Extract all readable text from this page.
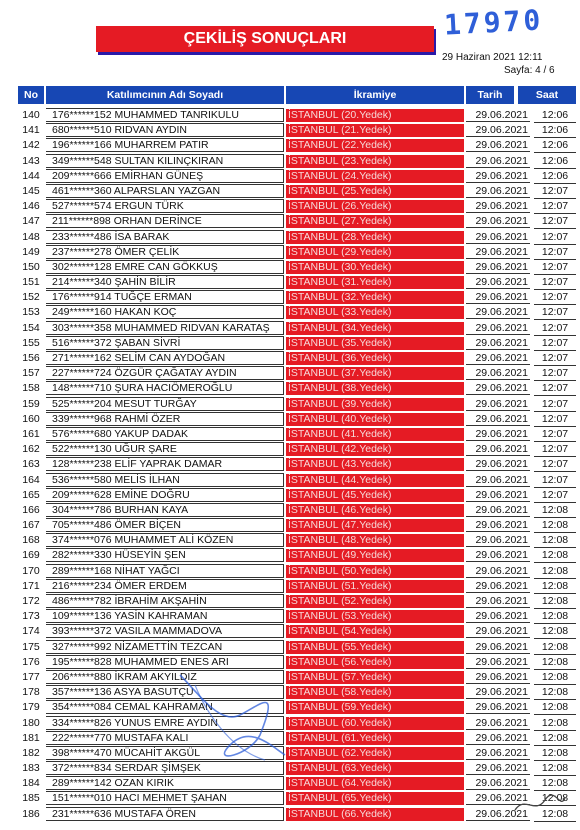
17970
ÇEKİLİŞ SONUÇLARI
29 Haziran 2021 12:11
Sayfa: 4 / 6
No	Katılımcının Adı Soyadı	İkramiye	Tarih	Saat
140	176******152 MUHAMMED TANRIKULU	İSTANBUL (20.Yedek)	29.06.2021	12:06
141	680******510 RIDVAN AYDIN	İSTANBUL (21.Yedek)	29.06.2021	12:06
142	196******166 MUHARREM PATIR	İSTANBUL (22.Yedek)	29.06.2021	12:06
143	349******548 SULTAN KILINÇKIRAN	İSTANBUL (23.Yedek)	29.06.2021	12:06
144	209******666 EMİRHAN GÜNEŞ	İSTANBUL (24.Yedek)	29.06.2021	12:06
145	461******360 ALPARSLAN YAZGAN	İSTANBUL (25.Yedek)	29.06.2021	12:07
146	527******574 ERGUN TÜRK	İSTANBUL (26.Yedek)	29.06.2021	12:07
147	211******898 ORHAN DERİNCE	İSTANBUL (27.Yedek)	29.06.2021	12:07
148	233******486 İSA BARAK	İSTANBUL (28.Yedek)	29.06.2021	12:07
149	237******278 ÖMER ÇELİK	İSTANBUL (29.Yedek)	29.06.2021	12:07
150	302******128 EMRE CAN GÖKKUŞ	İSTANBUL (30.Yedek)	29.06.2021	12:07
151	214******340 ŞAHİN BİLİR	İSTANBUL (31.Yedek)	29.06.2021	12:07
152	176******914 TUĞÇE ERMAN	İSTANBUL (32.Yedek)	29.06.2021	12:07
153	249******160 HAKAN KOÇ	İSTANBUL (33.Yedek)	29.06.2021	12:07
154	303******358 MUHAMMED RIDVAN KARATAŞ	İSTANBUL (34.Yedek)	29.06.2021	12:07
155	516******372 ŞABAN SİVRİ	İSTANBUL (35.Yedek)	29.06.2021	12:07
156	271******162 SELİM CAN AYDOĞAN	İSTANBUL (36.Yedek)	29.06.2021	12:07
157	227******724 ÖZGÜR ÇAĞATAY AYDIN	İSTANBUL (37.Yedek)	29.06.2021	12:07
158	148******710 ŞURA HACIÖMEROĞLU	İSTANBUL (38.Yedek)	29.06.2021	12:07
159	525******204 MESUT TURĞAY	İSTANBUL (39.Yedek)	29.06.2021	12:07
160	339******968 RAHMİ ÖZER	İSTANBUL (40.Yedek)	29.06.2021	12:07
161	576******680 YAKUP DADAK	İSTANBUL (41.Yedek)	29.06.2021	12:07
162	522******130 UĞUR ŞARE	İSTANBUL (42.Yedek)	29.06.2021	12:07
163	128******238 ELİF YAPRAK DAMAR	İSTANBUL (43.Yedek)	29.06.2021	12:07
164	536******580 MELİS İLHAN	İSTANBUL (44.Yedek)	29.06.2021	12:07
165	209******628 EMİNE DOĞRU	İSTANBUL (45.Yedek)	29.06.2021	12:07
166	304******786 BURHAN KAYA	İSTANBUL (46.Yedek)	29.06.2021	12:08
167	705******486 ÖMER BİÇEN	İSTANBUL (47.Yedek)	29.06.2021	12:08
168	374******076 MUHAMMET ALİ KÖZEN	İSTANBUL (48.Yedek)	29.06.2021	12:08
169	282******330 HÜSEYİN ŞEN	İSTANBUL (49.Yedek)	29.06.2021	12:08
170	289******168 NİHAT YAĞCI	İSTANBUL (50.Yedek)	29.06.2021	12:08
171	216******234 ÖMER ERDEM	İSTANBUL (51.Yedek)	29.06.2021	12:08
172	486******782 İBRAHİM AKŞAHİN	İSTANBUL (52.Yedek)	29.06.2021	12:08
173	109******136 YASİN KAHRAMAN	İSTANBUL (53.Yedek)	29.06.2021	12:08
174	393******372 VASILA MAMMADOVA	İSTANBUL (54.Yedek)	29.06.2021	12:08
175	327******992 NİZAMETTİN TEZCAN	İSTANBUL (55.Yedek)	29.06.2021	12:08
176	195******828 MUHAMMED ENES ARI	İSTANBUL (56.Yedek)	29.06.2021	12:08
177	206******880 İKRAM AKYILDIZ	İSTANBUL (57.Yedek)	29.06.2021	12:08
178	357******136 ASYA BASUTÇU	İSTANBUL (58.Yedek)	29.06.2021	12:08
179	354******084 CEMAL KAHRAMAN	İSTANBUL (59.Yedek)	29.06.2021	12:08
180	334******826 YUNUS EMRE AYDIN	İSTANBUL (60.Yedek)	29.06.2021	12:08
181	222******770 MUSTAFA KALI	İSTANBUL (61.Yedek)	29.06.2021	12:08
182	398******470 MÜCAHİT AKGÜL	İSTANBUL (62.Yedek)	29.06.2021	12:08
183	372******834 SERDAR ŞİMŞEK	İSTANBUL (63.Yedek)	29.06.2021	12:08
184	289******142 OZAN KIRIK	İSTANBUL (64.Yedek)	29.06.2021	12:08
185	151******010 HACI MEHMET ŞAHAN	İSTANBUL (65.Yedek)	29.06.2021	12:08
186	231******636 MUSTAFA ÖREN	İSTANBUL (66.Yedek)	29.06.2021	12:08
